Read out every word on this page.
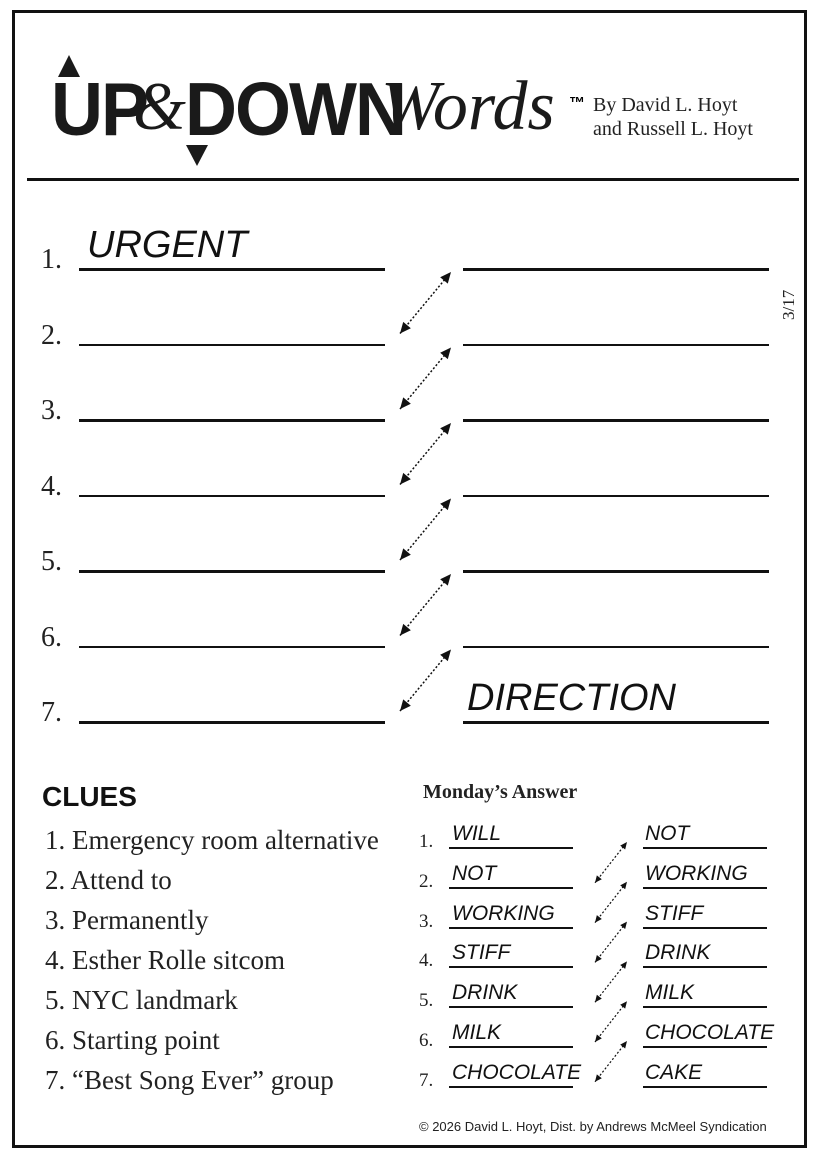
UP
& DOWN
Words ™ By David L. Hoyt
and Russell L. Hoyt
3/17
1. URGENT
2.
3.
4.
5.
6.
7.	DIRECTION
CLUES
1. Emergency room alternative
2. Attend to
3. Permanently
4. Esther Rolle sitcom
5. NYC landmark
6. Starting point
7. “Best Song Ever” group
Monday’s Answer
1. WILL	NOT
2. NOT	WORKING
3. WORKING	STIFF
4. STIFF	DRINK
5. DRINK	MILK
6. MILK	CHOCOLATE
7. CHOCOLATE	CAKE
© 2026 David L. Hoyt, Dist. by Andrews McMeel Syndication
